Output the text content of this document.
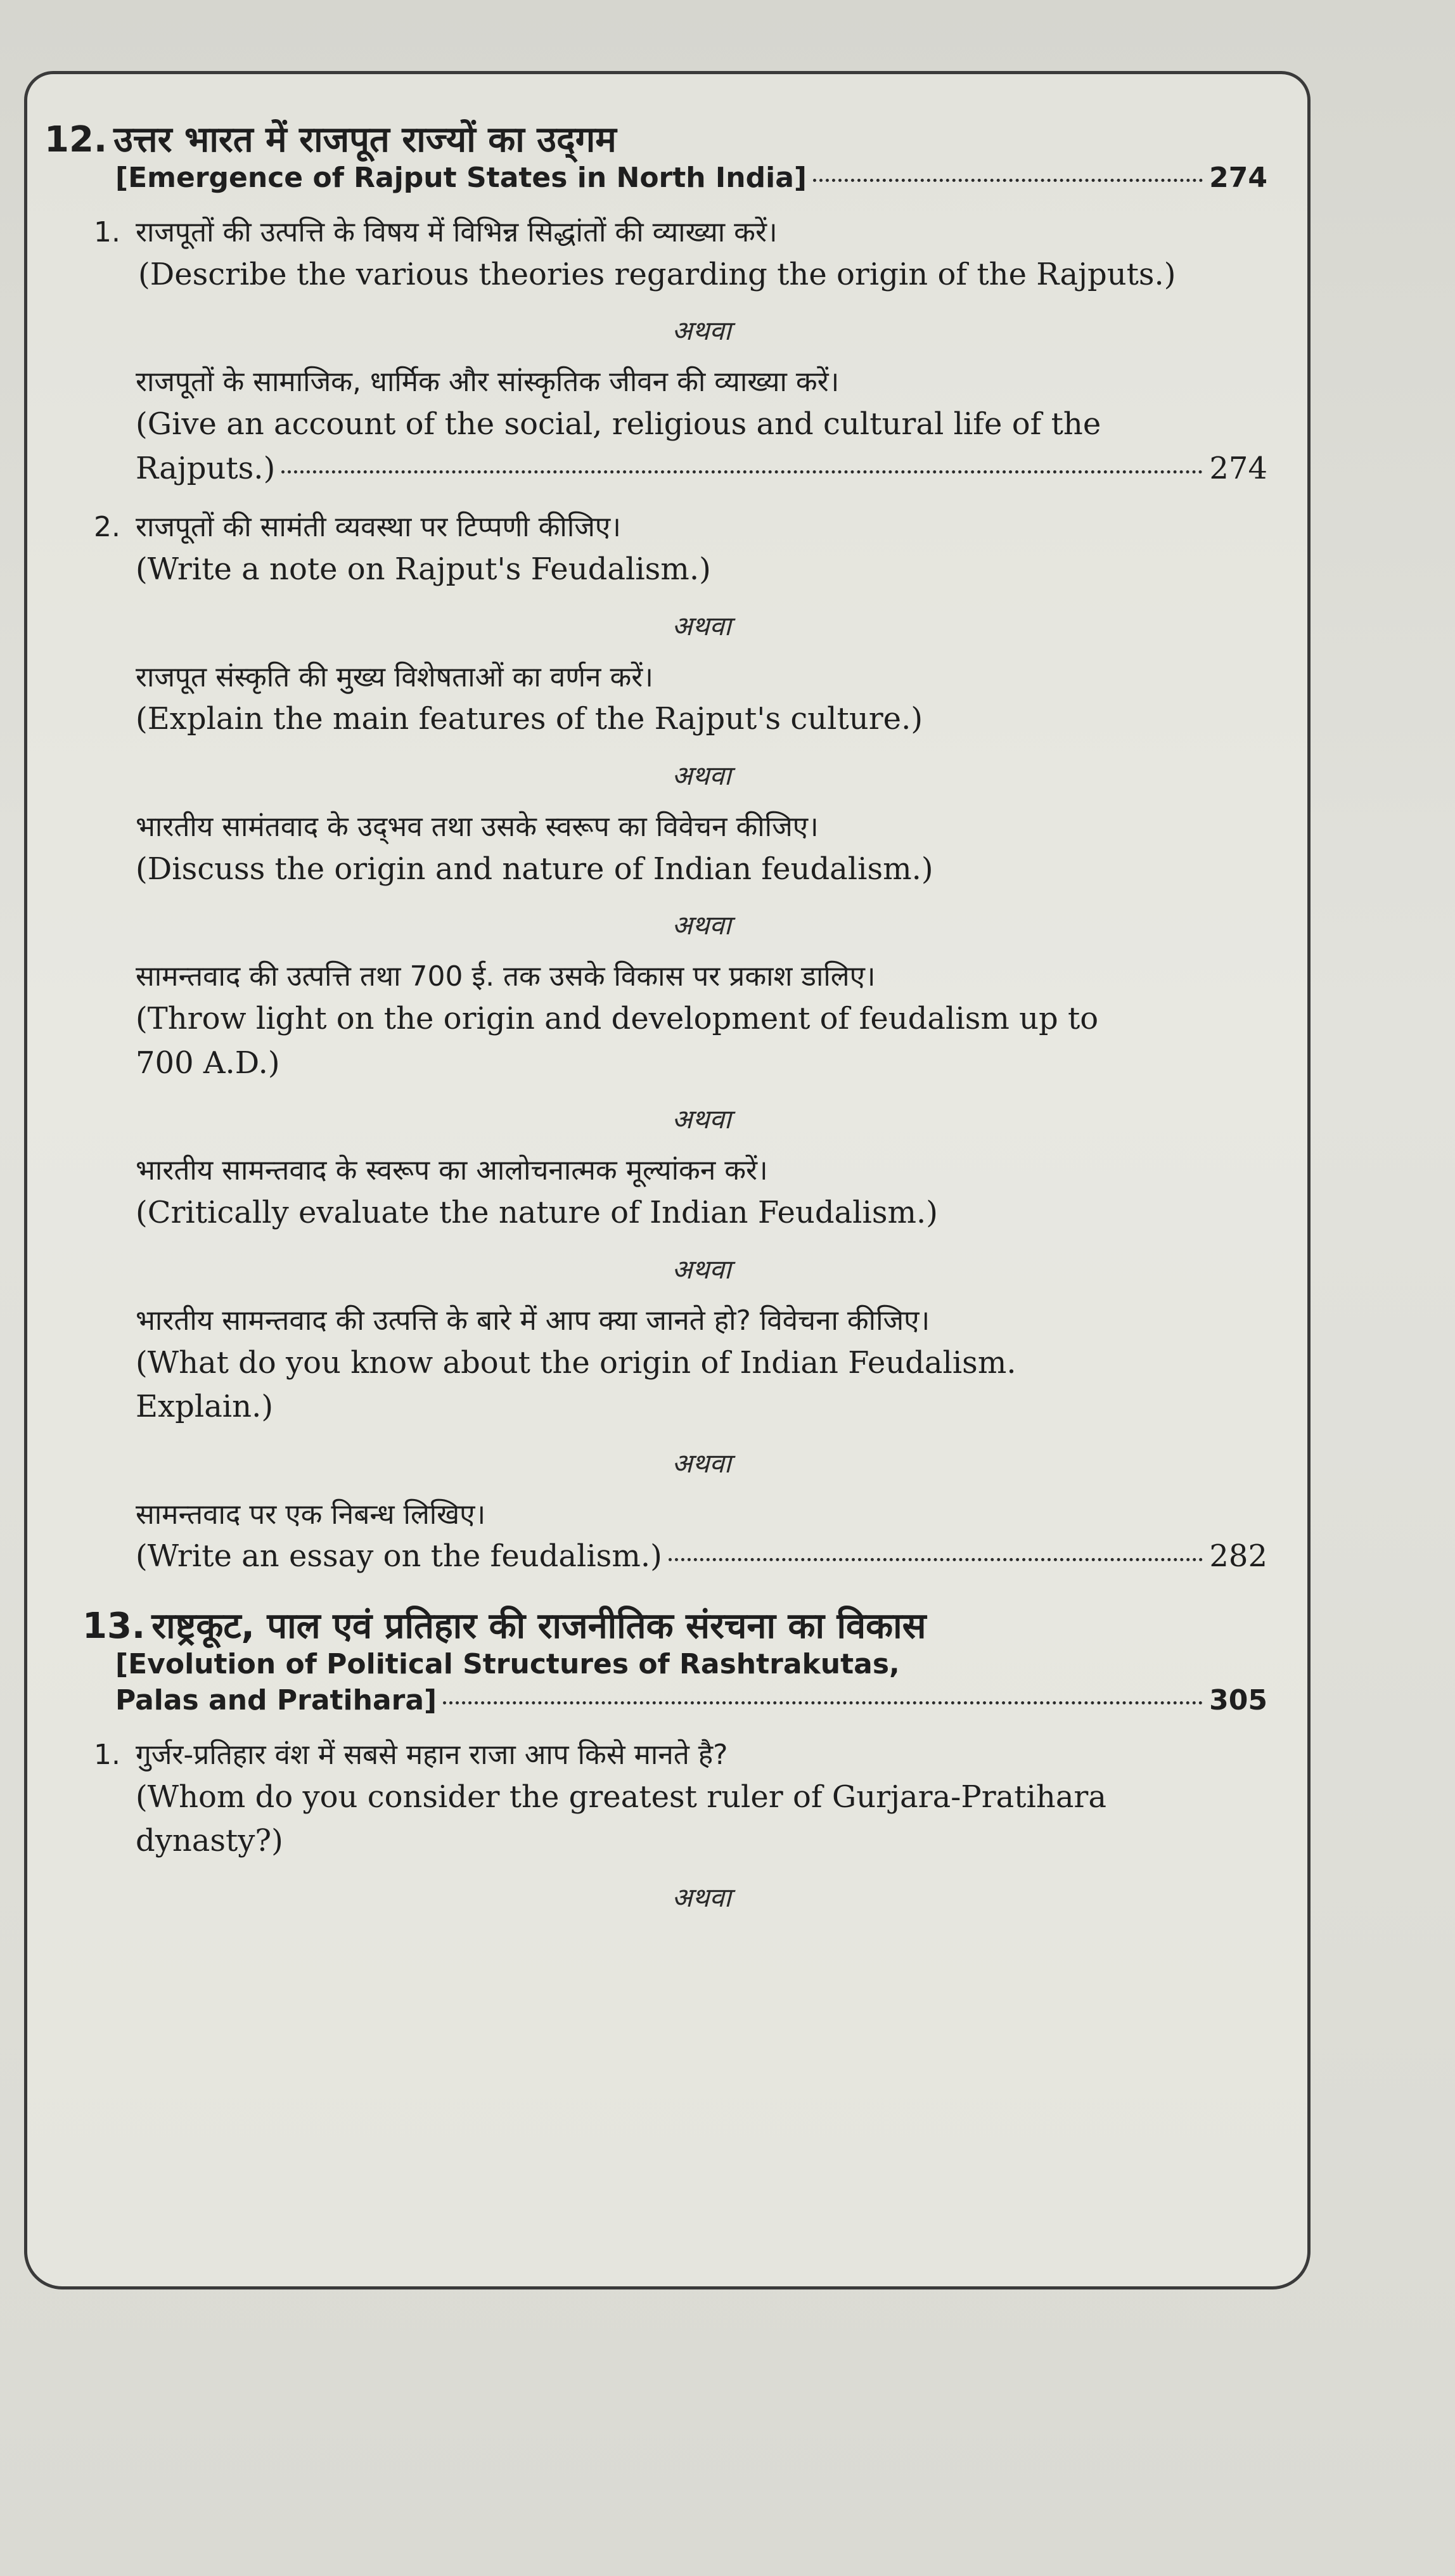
12. उत्तर भारत में राजपूत राज्यों का उद्‌गम
[Emergence of Rajput States in North India]	274
1. राजपूतों की उत्पत्ति के विषय में विभिन्न सिद्धांतों की व्याख्या करें।
(Describe the various theories regarding the origin of the Rajputs.)
अथवा
राजपूतों के सामाजिक, धार्मिक और सांस्कृतिक जीवन की व्याख्या करें।
(Give an account of the social, religious and cultural life of the
Rajputs.)	274
2. राजपूतों की सामंती व्यवस्था पर टिप्पणी कीजिए।
(Write a note on Rajput's Feudalism.)
अथवा
राजपूत संस्कृति की मुख्य विशेषताओं का वर्णन करें।
(Explain the main features of the Rajput's culture.)
अथवा
भारतीय सामंतवाद के उद्‌भव तथा उसके स्वरूप का विवेचन कीजिए।
(Discuss the origin and nature of Indian feudalism.)
अथवा
सामन्तवाद की उत्पत्ति तथा 700 ई. तक उसके विकास पर प्रकाश डालिए।
(Throw light on the origin and development of feudalism up to
700 A.D.)
अथवा
भारतीय सामन्तवाद के स्वरूप का आलोचनात्मक मूल्यांकन करें।
(Critically evaluate the nature of Indian Feudalism.)
अथवा
भारतीय सामन्तवाद की उत्पत्ति के बारे में आप क्या जानते हो? विवेचना कीजिए।
(What do you know about the origin of Indian Feudalism.
Explain.)
अथवा
सामन्तवाद पर एक निबन्ध लिखिए।
(Write an essay on the feudalism.)	282
13. राष्ट्रकूट, पाल एवं प्रतिहार की राजनीतिक संरचना का विकास
[Evolution of Political Structures of Rashtrakutas,
Palas and Pratihara]	305
1. गुर्जर-प्रतिहार वंश में सबसे महान राजा आप किसे मानते है?
(Whom do you consider the greatest ruler of Gurjara-Pratihara
dynasty?)
अथवा
